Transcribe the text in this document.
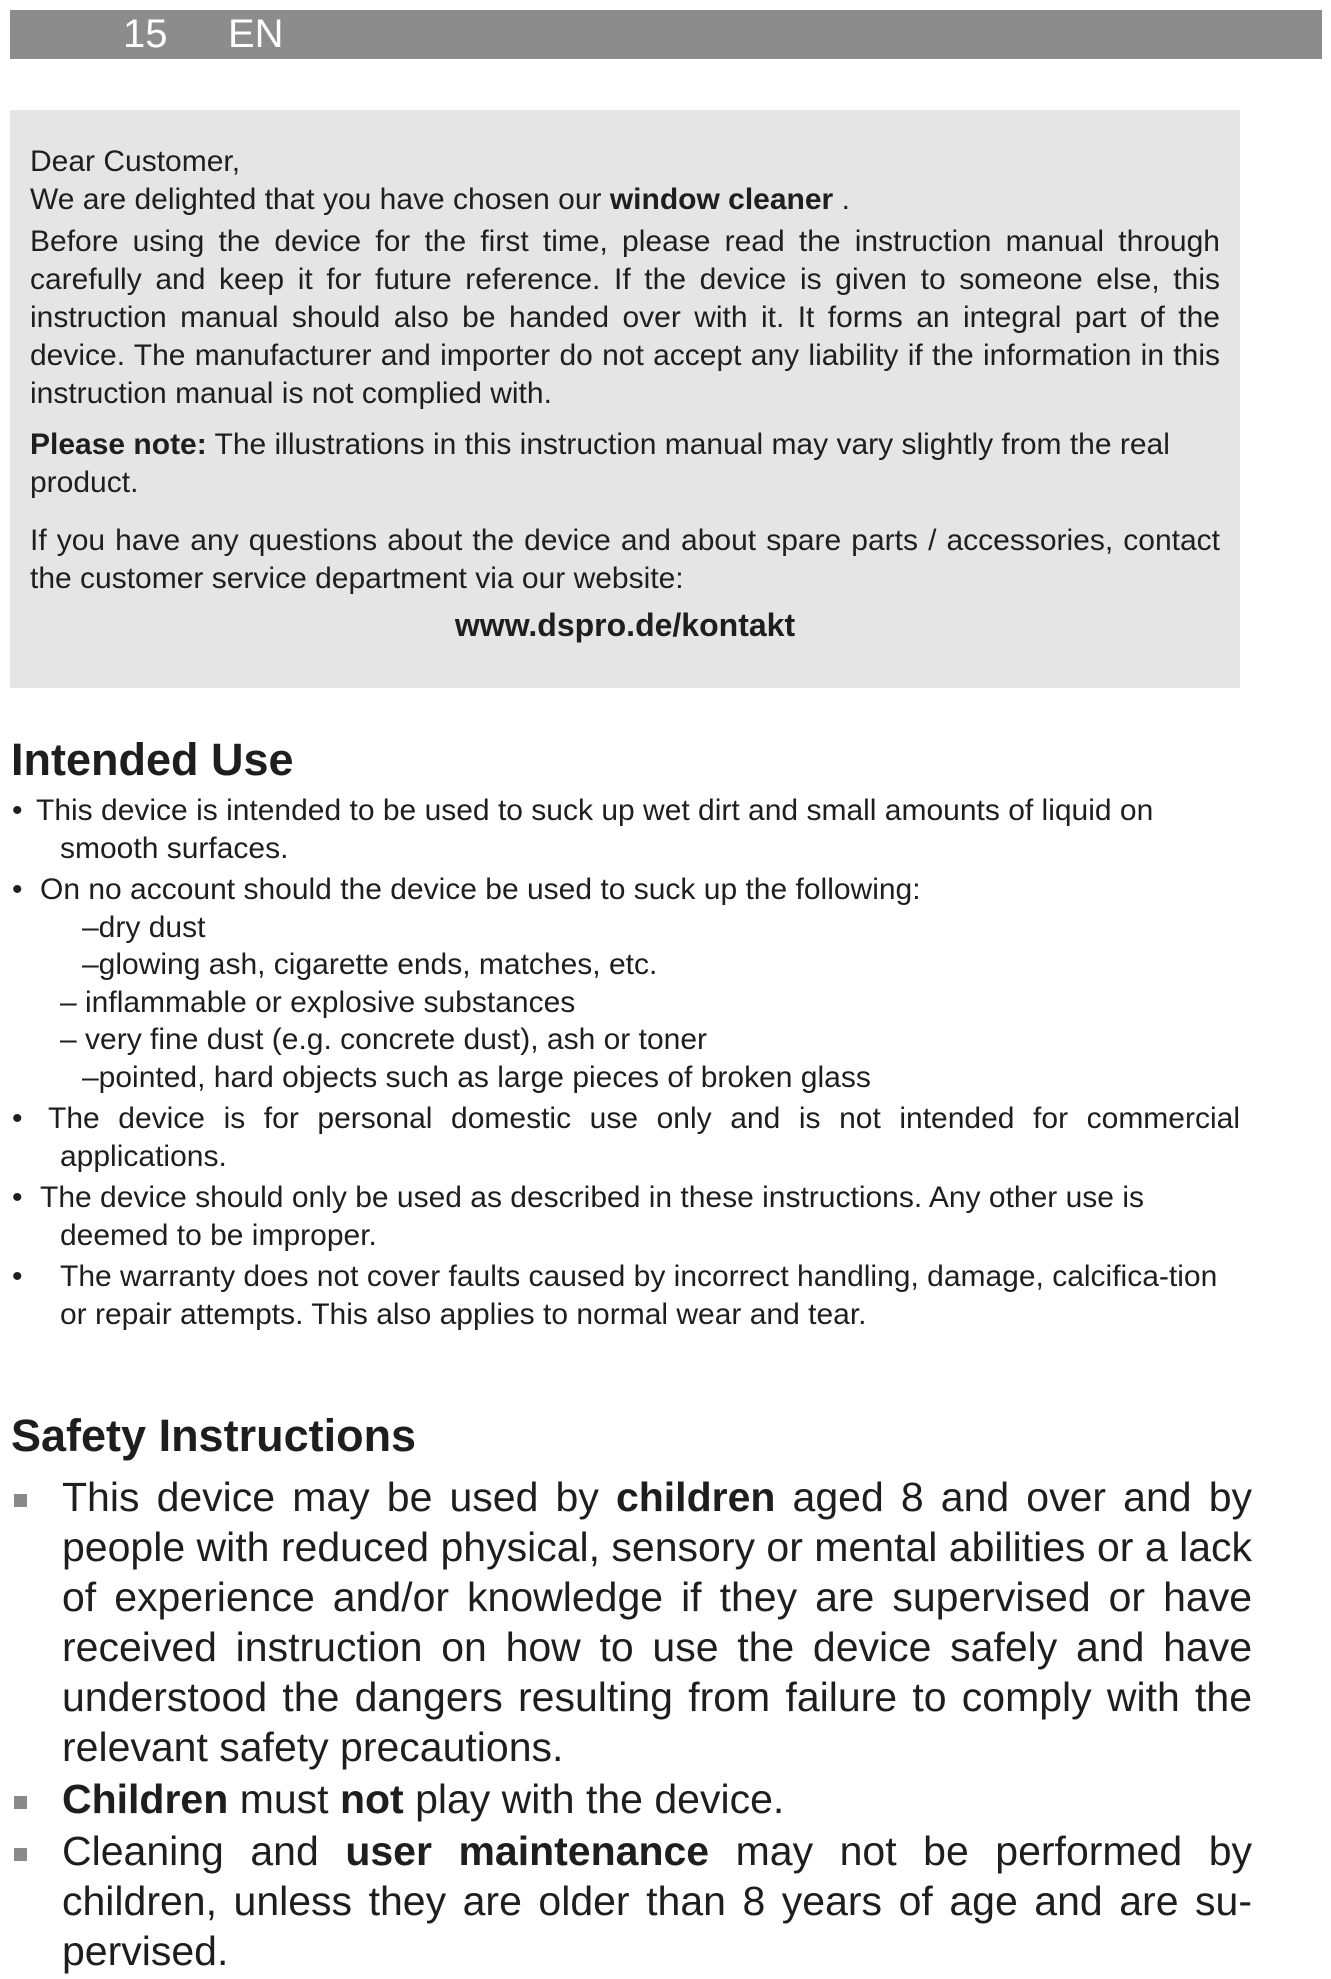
15 EN

Dear Customer,

We are delighted that you have chosen our window cleaner .

Before using the device for the first time, please read the instruction manual through carefully and keep it for future reference. If the device is given to someone else, this instruction manual should also be handed over with it. It forms an integral part of the device. The manufacturer and importer do not accept any liability if the information in this instruction manual is not complied with.

Please note: The illustrations in this instruction manual may vary slightly from the real product.

If you have any questions about the device and about spare parts / accessories, contact the customer service department via our website:

www.dspro.de/kontakt

Intended Use
• This device is intended to be used to suck up wet dirt and small amounts of liquid on smooth surfaces.
• On no account should the device be used to suck up the following:

–dry dust

–glowing ash, cigarette ends, matches, etc.

– inflammable or explosive substances

– very fine dust (e.g. concrete dust), ash or toner

–pointed, hard objects such as large pieces of broken glass

• The device is for personal domestic use only and is not intended for commercial applications.
• The device should only be used as described in these instructions. Any other use is deemed to be improper.
• The warranty does not cover faults caused by incorrect handling, damage, calcifica-tion or repair attempts. This also applies to normal wear and tear.
Safety Instructions
This device may be used by children aged 8 and over and by people with reduced physical, sensory or mental abilities or a lack of experience and/or knowledge if they are supervised or have received instruction on how to use the device safely and have understood the dangers resulting from failure to comply with the relevant safety precautions.
Children must not play with the device.
Cleaning and user maintenance may not be performed by children, unless they are older than 8 years of age and are su-pervised.
